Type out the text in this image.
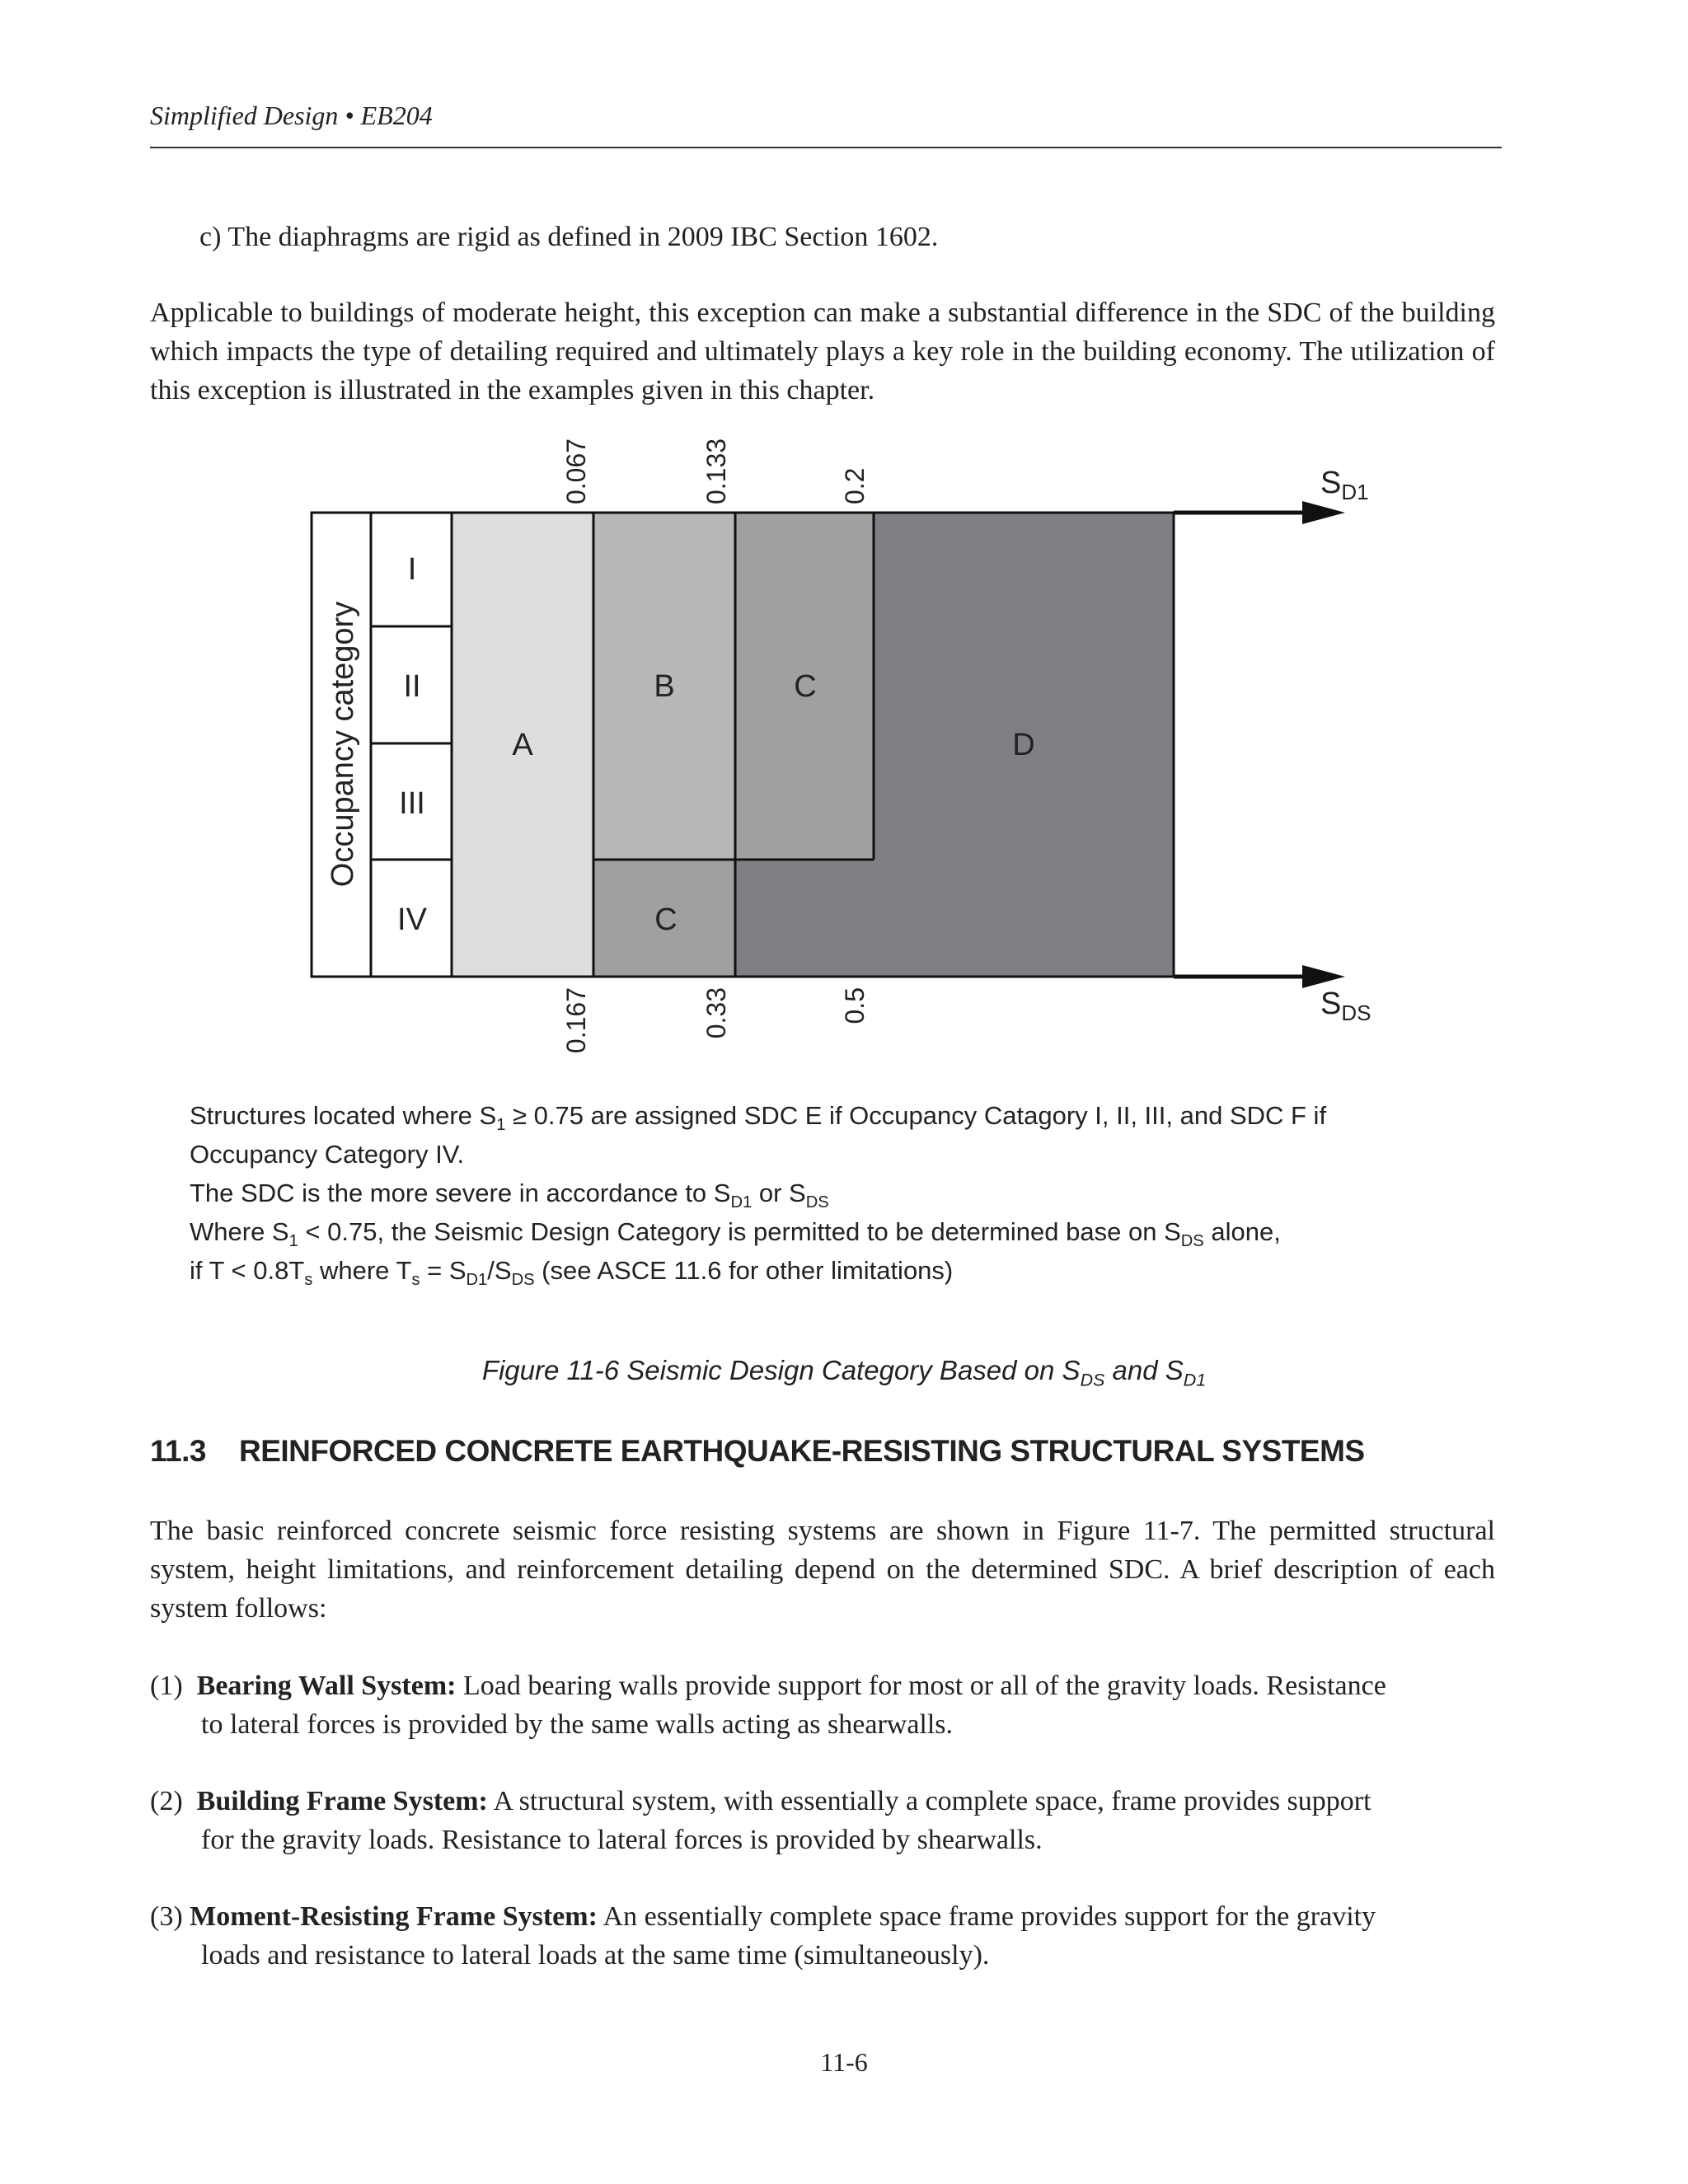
Simplified Design • EB204

c) The diaphragms are rigid as defined in 2009 IBC Section 1602.

Applicable to buildings of moderate height, this exception can make a substantial difference in the SDC of the building which impacts the type of detailing required and ultimately plays a key role in the building economy. The utilization of this exception is illustrated in the examples given in this chapter.

$S_{D1}$
$S_{DS}$
0.067	0.133	0.2
0.167	0.33	0.5
Occupancy category
I
II
III
IV
A
B	C
C
D
Structures located where $S_1 \ge 0.75$ are assigned SDC E if Occupancy Catagory I, II, III, and SDC F if
Occupancy Category IV.
The SDC is the more severe in accordance to $S_{D1}$ or $S_{DS}$
Where $S_1 < 0.75$, the Seismic Design Category is permitted to be determined base on $S_{DS}$ alone,
if $T < 0.8T_s$ where $T_s = S_{D1}/S_{DS}$ (see ASCE 11.6 for other limitations)
Figure 11-6 Seismic Design Category Based on $S_{DS}$ and $S_{D1}$
11.3 REINFORCED CONCRETE EARTHQUAKE-RESISTING STRUCTURAL SYSTEMS

The basic reinforced concrete seismic force resisting systems are shown in Figure 11-7. The permitted structural system, height limitations, and reinforcement detailing depend on the determined SDC. A brief description of each system follows:

(1) Bearing Wall System: Load bearing walls provide support for most or all of the gravity loads. Resistance
to lateral forces is provided by the same walls acting as shearwalls.
(2) Building Frame System: A structural system, with essentially a complete space, frame provides support
for the gravity loads. Resistance to lateral forces is provided by shearwalls.
(3) Moment-Resisting Frame System: An essentially complete space frame provides support for the gravity
loads and resistance to lateral loads at the same time (simultaneously).
11-6
